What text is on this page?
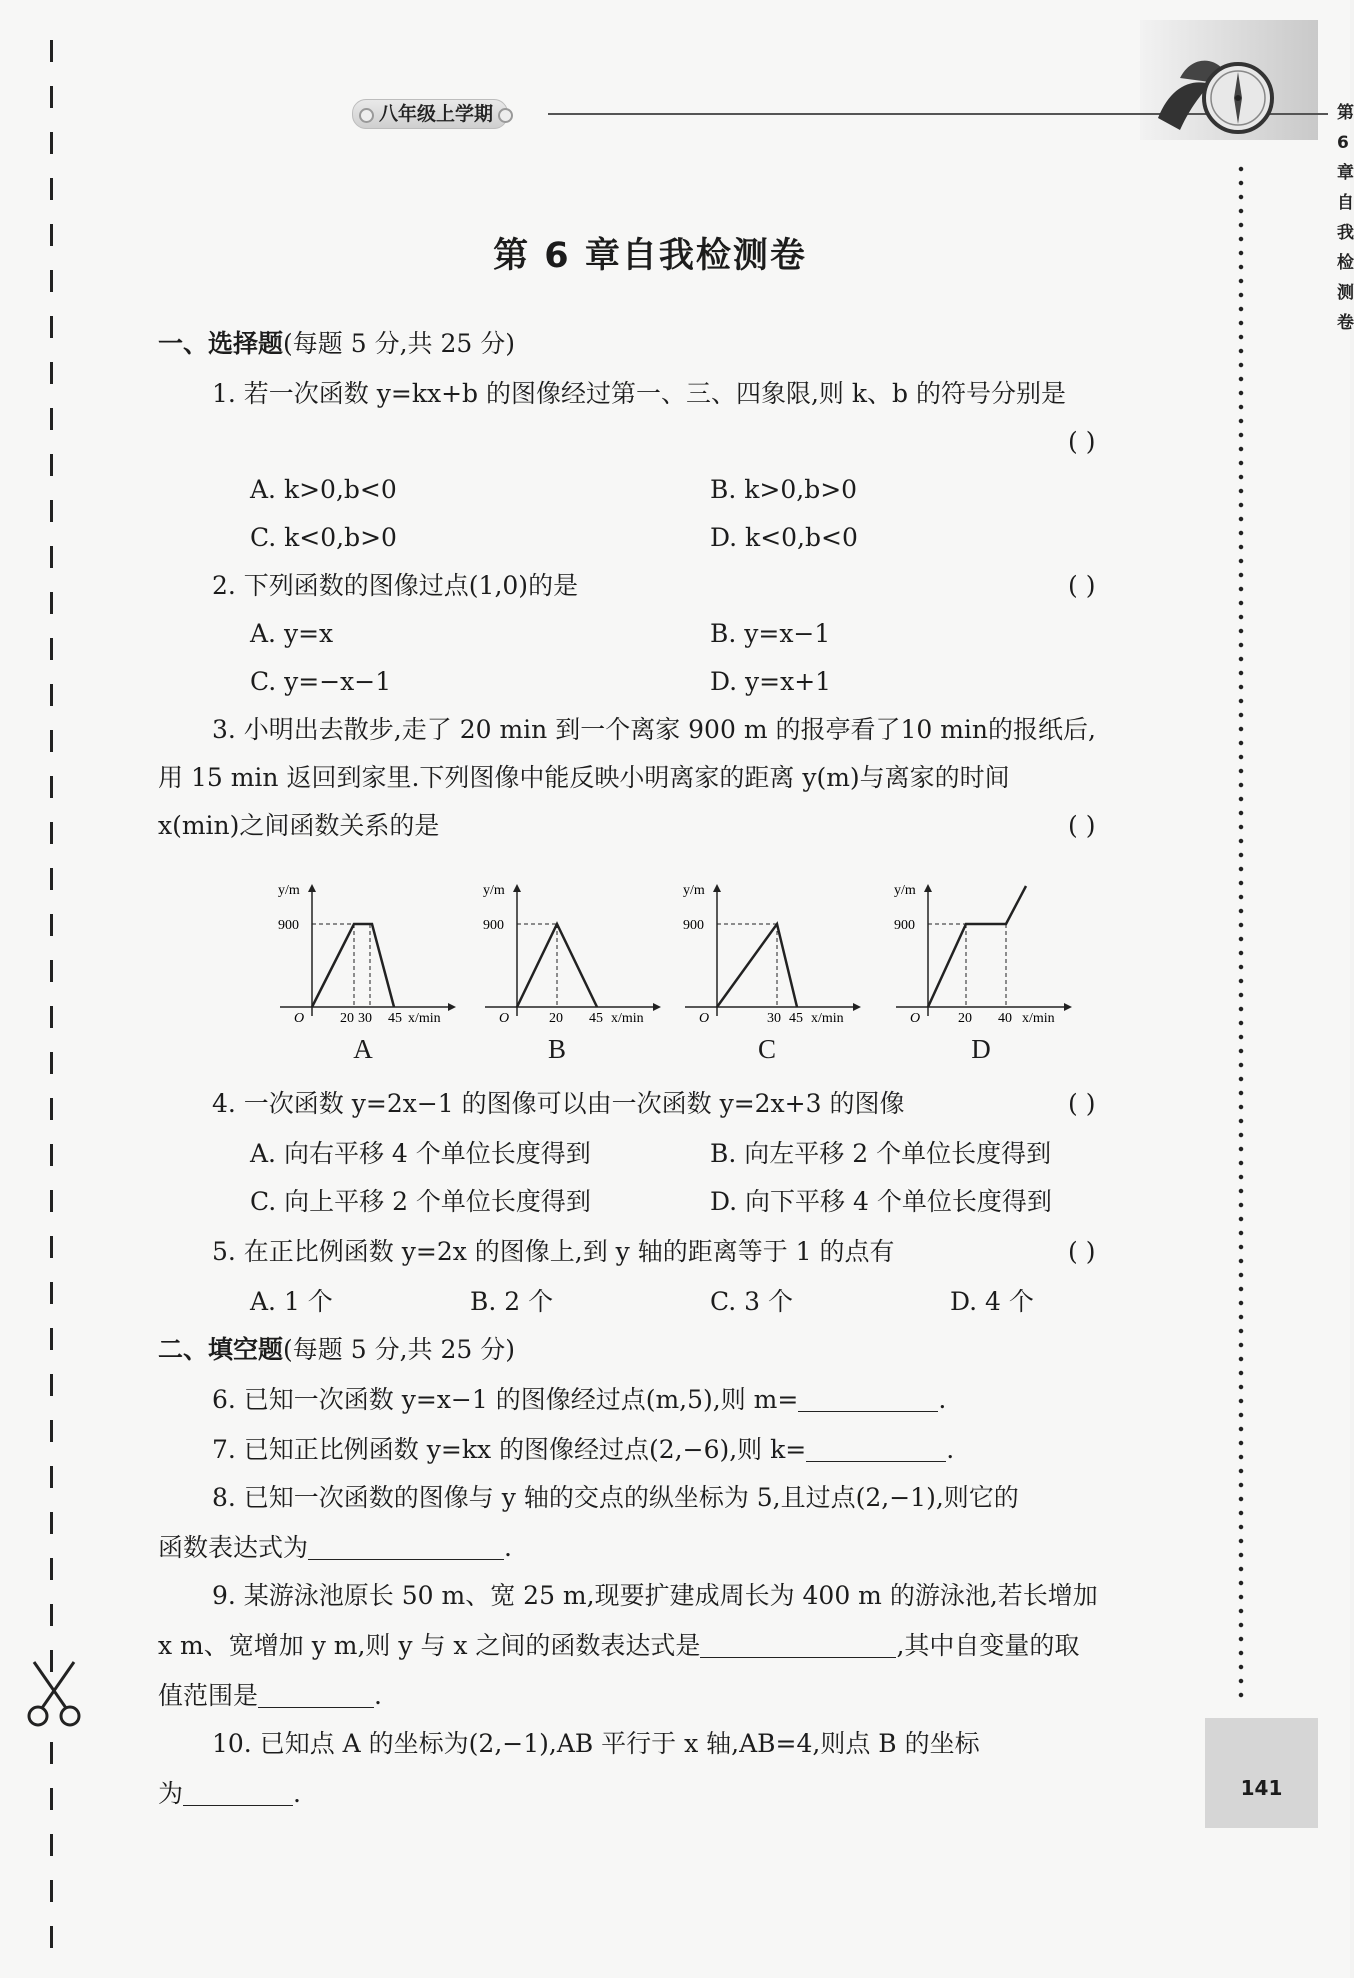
八年级上学期	第6章自我检测卷
第 6 章自我检测卷
一、选择题(每题 5 分,共 25 分)
1. 若一次函数 y=kx+b 的图像经过第一、三、四象限,则 k、b 的符号分别是
( )
A. k>0,b<0	B. k>0,b>0
C. k<0,b>0	D. k<0,b<0
2. 下列函数的图像过点(1,0)的是	( )
A. y=x	B. y=x−1
C. y=−x−1	D. y=x+1
3. 小明出去散步,走了 20 min 到一个离家 900 m 的报亭看了10 min的报纸后,
用 15 min 返回到家里.下列图像中能反映小明离家的距离 y(m)与离家的时间
x(min)之间函数关系的是	( )
y/m
900
O	20 30 45 x/min
A
y/m
900
O	20 45 x/min
B
y/m
900
O	30 45 x/min
C
y/m
900
O	20 40 x/min
D
4. 一次函数 y=2x−1 的图像可以由一次函数 y=2x+3 的图像	( )
A. 向右平移 4 个单位长度得到	B. 向左平移 2 个单位长度得到
C. 向上平移 2 个单位长度得到	D. 向下平移 4 个单位长度得到
5. 在正比例函数 y=2x 的图像上,到 y 轴的距离等于 1 的点有	( )
A. 1 个	B. 2 个	C. 3 个	D. 4 个
二、填空题(每题 5 分,共 25 分)
6. 已知一次函数 y=x−1 的图像经过点(m,5),则 m=	.
7. 已知正比例函数 y=kx 的图像经过点(2,−6),则 k=	.
8. 已知一次函数的图像与 y 轴的交点的纵坐标为 5,且过点(2,−1),则它的
函数表达式为	.
9. 某游泳池原长 50 m、宽 25 m,现要扩建成周长为 400 m 的游泳池,若长增加
x m、宽增加 y m,则 y 与 x 之间的函数表达式是	,其中自变量的取
值范围是	.
10. 已知点 A 的坐标为(2,−1),AB 平行于 x 轴,AB=4,则点 B 的坐标
为	.	141
